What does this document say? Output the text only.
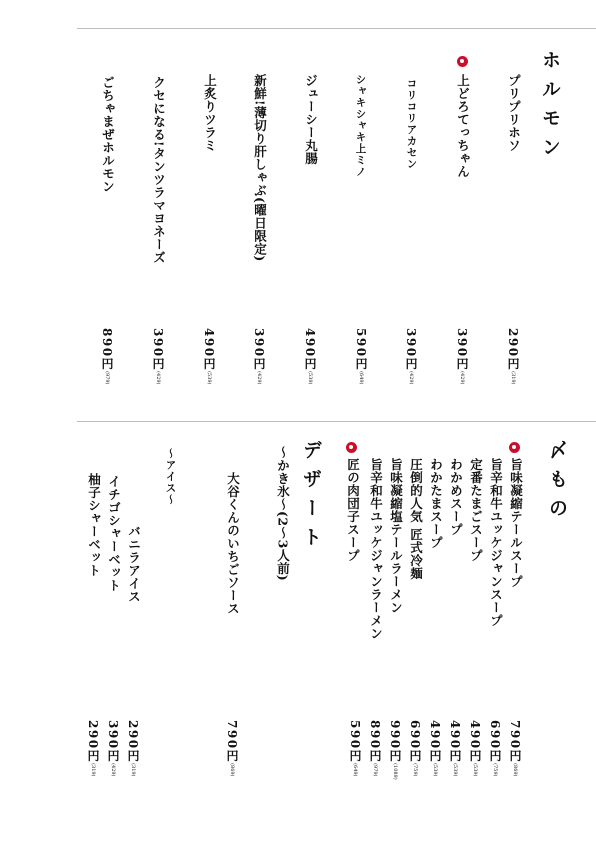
ホルモン
プリプリホソ
上どろてっちゃん
コリコリアカセン
シャキシャキ上ミノ
ジューシー丸腸
新鮮!薄切り肝しゃぶ(曜日限定)
上炙りツラミ
クセになる!タンツラマヨネーズ
ごちゃまぜホルモン
290円(319)
390円(429)
390円(429)
590円(649)
490円(539)
390円(429)
490円(539)
390円(429)
890円(979)
〆もの
旨味凝縮テールスープ
旨辛和牛ユッケジャンスープ
定番たまごスープ
わかめスープ
わかたまスープ
圧倒的人気 匠式冷麺
旨味凝縮塩テールラーメン
旨辛和牛ユッケジャンラーメン
匠の肉団子スープ
790円(869)
690円(759)
490円(539)
490円(539)
490円(539)
690円(759)
990円(1089)
890円(979)
590円(649)
デザート
〜かき氷〜(2〜3人前)
大谷くんのいちごソース
790円(869)
〜アイス〜
バニラアイス
イチゴシャーベット
柚子シャーベット
290円(319)
390円(429)
290円(319)
